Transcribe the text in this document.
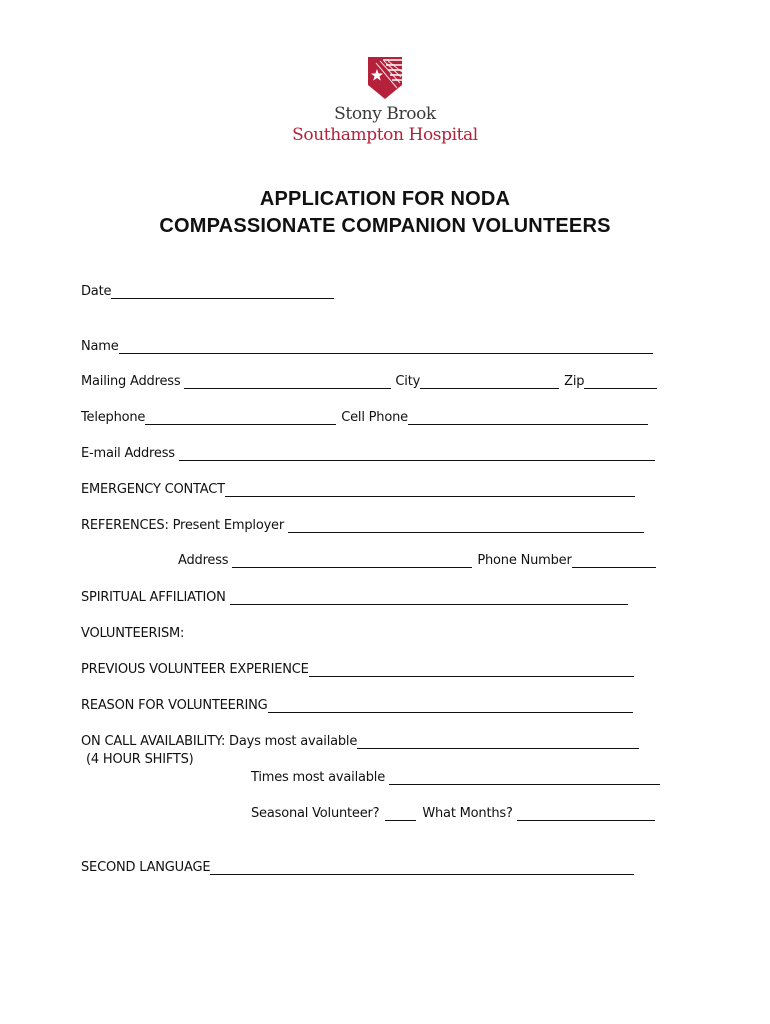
Stony Brook
Southampton Hospital
APPLICATION FOR NODA
COMPASSIONATE COMPANION VOLUNTEERS
Date
Name
Mailing Address	City	Zip
Telephone	Cell Phone
E-mail Address
EMERGENCY CONTACT
REFERENCES: Present Employer
Address	Phone Number
SPIRITUAL AFFILIATION
VOLUNTEERISM:
PREVIOUS VOLUNTEER EXPERIENCE
REASON FOR VOLUNTEERING
ON CALL AVAILABILITY: Days most available
(4 HOUR SHIFTS)
Times most available
Seasonal Volunteer?	What Months?
SECOND LANGUAGE
